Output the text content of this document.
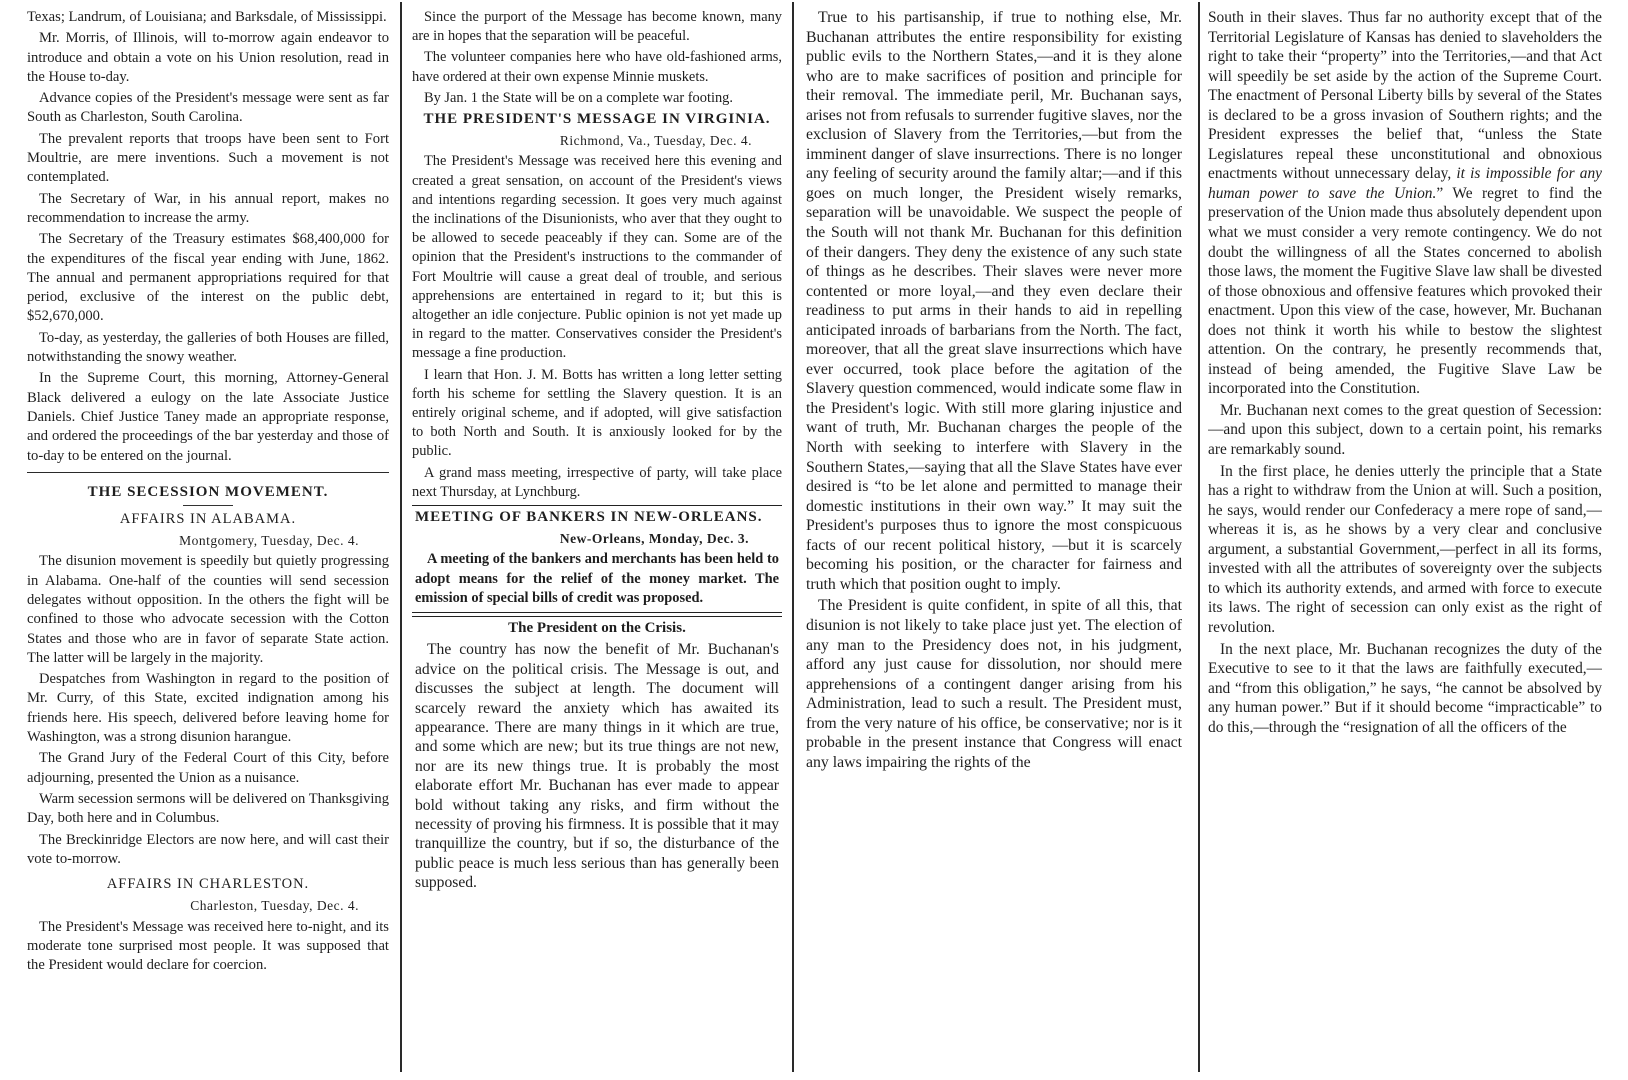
Texas; Landrum, of Louisiana; and Barksdale, of Mississippi.

Mr. Morris, of Illinois, will to-morrow again endeavor to introduce and obtain a vote on his Union resolution, read in the House to-day.

Advance copies of the President's message were sent as far South as Charleston, South Carolina.

The prevalent reports that troops have been sent to Fort Moultrie, are mere inventions. Such a movement is not contemplated.

The Secretary of War, in his annual report, makes no recommendation to increase the army.

The Secretary of the Treasury estimates $68,400,000 for the expenditures of the fiscal year ending with June, 1862. The annual and permanent appropriations required for that period, exclusive of the interest on the public debt, $52,670,000.

To-day, as yesterday, the galleries of both Houses are filled, notwithstanding the snowy weather.

In the Supreme Court, this morning, Attorney-General Black delivered a eulogy on the late Associate Justice Daniels. Chief Justice Taney made an appropriate response, and ordered the proceedings of the bar yesterday and those of to-day to be entered on the journal.

THE SECESSION MOVEMENT.

AFFAIRS IN ALABAMA.

Montgomery, Tuesday, Dec. 4.

The disunion movement is speedily but quietly progressing in Alabama. One-half of the counties will send secession delegates without opposition. In the others the fight will be confined to those who advocate secession with the Cotton States and those who are in favor of separate State action. The latter will be largely in the majority.

Despatches from Washington in regard to the position of Mr. Curry, of this State, excited indignation among his friends here. His speech, delivered before leaving home for Washington, was a strong disunion harangue.

The Grand Jury of the Federal Court of this City, before adjourning, presented the Union as a nuisance.

Warm secession sermons will be delivered on Thanksgiving Day, both here and in Columbus.

The Breckinridge Electors are now here, and will cast their vote to-morrow.

AFFAIRS IN CHARLESTON.

Charleston, Tuesday, Dec. 4.

The President's Message was received here to-night, and its moderate tone surprised most people. It was supposed that the President would declare for coercion.

Since the purport of the Message has become known, many are in hopes that the separation will be peaceful.

The volunteer companies here who have old-fashioned arms, have ordered at their own expense Minnie muskets.

By Jan. 1 the State will be on a complete war footing.

THE PRESIDENT'S MESSAGE IN VIRGINIA.

Richmond, Va., Tuesday, Dec. 4.

The President's Message was received here this evening and created a great sensation, on account of the President's views and intentions regarding secession. It goes very much against the inclinations of the Disunionists, who aver that they ought to be allowed to secede peaceably if they can. Some are of the opinion that the President's instructions to the commander of Fort Moultrie will cause a great deal of trouble, and serious apprehensions are entertained in regard to it; but this is altogether an idle conjecture. Public opinion is not yet made up in regard to the matter. Conservatives consider the President's message a fine production.

I learn that Hon. J. M. Botts has written a long letter setting forth his scheme for settling the Slavery question. It is an entirely original scheme, and if adopted, will give satisfaction to both North and South. It is anxiously looked for by the public.

A grand mass meeting, irrespective of party, will take place next Thursday, at Lynchburg.

MEETING OF BANKERS IN NEW-ORLEANS.

New-Orleans, Monday, Dec. 3.

A meeting of the bankers and merchants has been held to adopt means for the relief of the money market. The emission of special bills of credit was proposed.

The President on the Crisis.

The country has now the benefit of Mr. Buchanan's advice on the political crisis. The Message is out, and discusses the subject at length. The document will scarcely reward the anxiety which has awaited its appearance. There are many things in it which are true, and some which are new; but its true things are not new, nor are its new things true. It is probably the most elaborate effort Mr. Buchanan has ever made to appear bold without taking any risks, and firm without the necessity of proving his firmness. It is possible that it may tranquillize the country, but if so, the disturbance of the public peace is much less serious than has generally been supposed.

True to his partisanship, if true to nothing else, Mr. Buchanan attributes the entire responsibility for existing public evils to the Northern States,—and it is they alone who are to make sacrifices of position and principle for their removal. The immediate peril, Mr. Buchanan says, arises not from refusals to surrender fugitive slaves, nor the exclusion of Slavery from the Territories,—but from the imminent danger of slave insurrections. There is no longer any feeling of security around the family altar;—and if this goes on much longer, the President wisely remarks, separation will be unavoidable. We suspect the people of the South will not thank Mr. Buchanan for this definition of their dangers. They deny the existence of any such state of things as he describes. Their slaves were never more contented or more loyal,—and they even declare their readiness to put arms in their hands to aid in repelling anticipated inroads of barbarians from the North. The fact, moreover, that all the great slave insurrections which have ever occurred, took place before the agitation of the Slavery question commenced, would indicate some flaw in the President's logic. With still more glaring injustice and want of truth, Mr. Buchanan charges the people of the North with seeking to interfere with Slavery in the Southern States,—saying that all the Slave States have ever desired is “to be let alone and permitted to manage their domestic institutions in their own way.” It may suit the President's purposes thus to ignore the most conspicuous facts of our recent political history, —but it is scarcely becoming his position, or the character for fairness and truth which that position ought to imply.

The President is quite confident, in spite of all this, that disunion is not likely to take place just yet. The election of any man to the Presidency does not, in his judgment, afford any just cause for dissolution, nor should mere apprehensions of a contingent danger arising from his Administration, lead to such a result. The President must, from the very nature of his office, be conservative; nor is it probable in the present instance that Congress will enact any laws impairing the rights of the

South in their slaves. Thus far no authority except that of the Territorial Legislature of Kansas has denied to slaveholders the right to take their “property” into the Territories,—and that Act will speedily be set aside by the action of the Supreme Court. The enactment of Personal Liberty bills by several of the States is declared to be a gross invasion of Southern rights; and the President expresses the belief that, “unless the State Legislatures repeal these unconstitutional and obnoxious enactments without unnecessary delay, it is impossible for any human power to save the Union.” We regret to find the preservation of the Union made thus absolutely dependent upon what we must consider a very remote contingency. We do not doubt the willingness of all the States concerned to abolish those laws, the moment the Fugitive Slave law shall be divested of those obnoxious and offensive features which provoked their enactment. Upon this view of the case, however, Mr. Buchanan does not think it worth his while to bestow the slightest attention. On the contrary, he presently recommends that, instead of being amended, the Fugitive Slave Law be incorporated into the Constitution.

Mr. Buchanan next comes to the great question of Secession:—and upon this subject, down to a certain point, his remarks are remarkably sound.

In the first place, he denies utterly the principle that a State has a right to withdraw from the Union at will. Such a position, he says, would render our Confederacy a mere rope of sand,—whereas it is, as he shows by a very clear and conclusive argument, a substantial Government,—perfect in all its forms, invested with all the attributes of sovereignty over the subjects to which its authority extends, and armed with force to execute its laws. The right of secession can only exist as the right of revolution.

In the next place, Mr. Buchanan recognizes the duty of the Executive to see to it that the laws are faithfully executed,—and “from this obligation,” he says, “he cannot be absolved by any human power.” But if it should become “impracticable” to do this,—through the “resignation of all the officers of the
